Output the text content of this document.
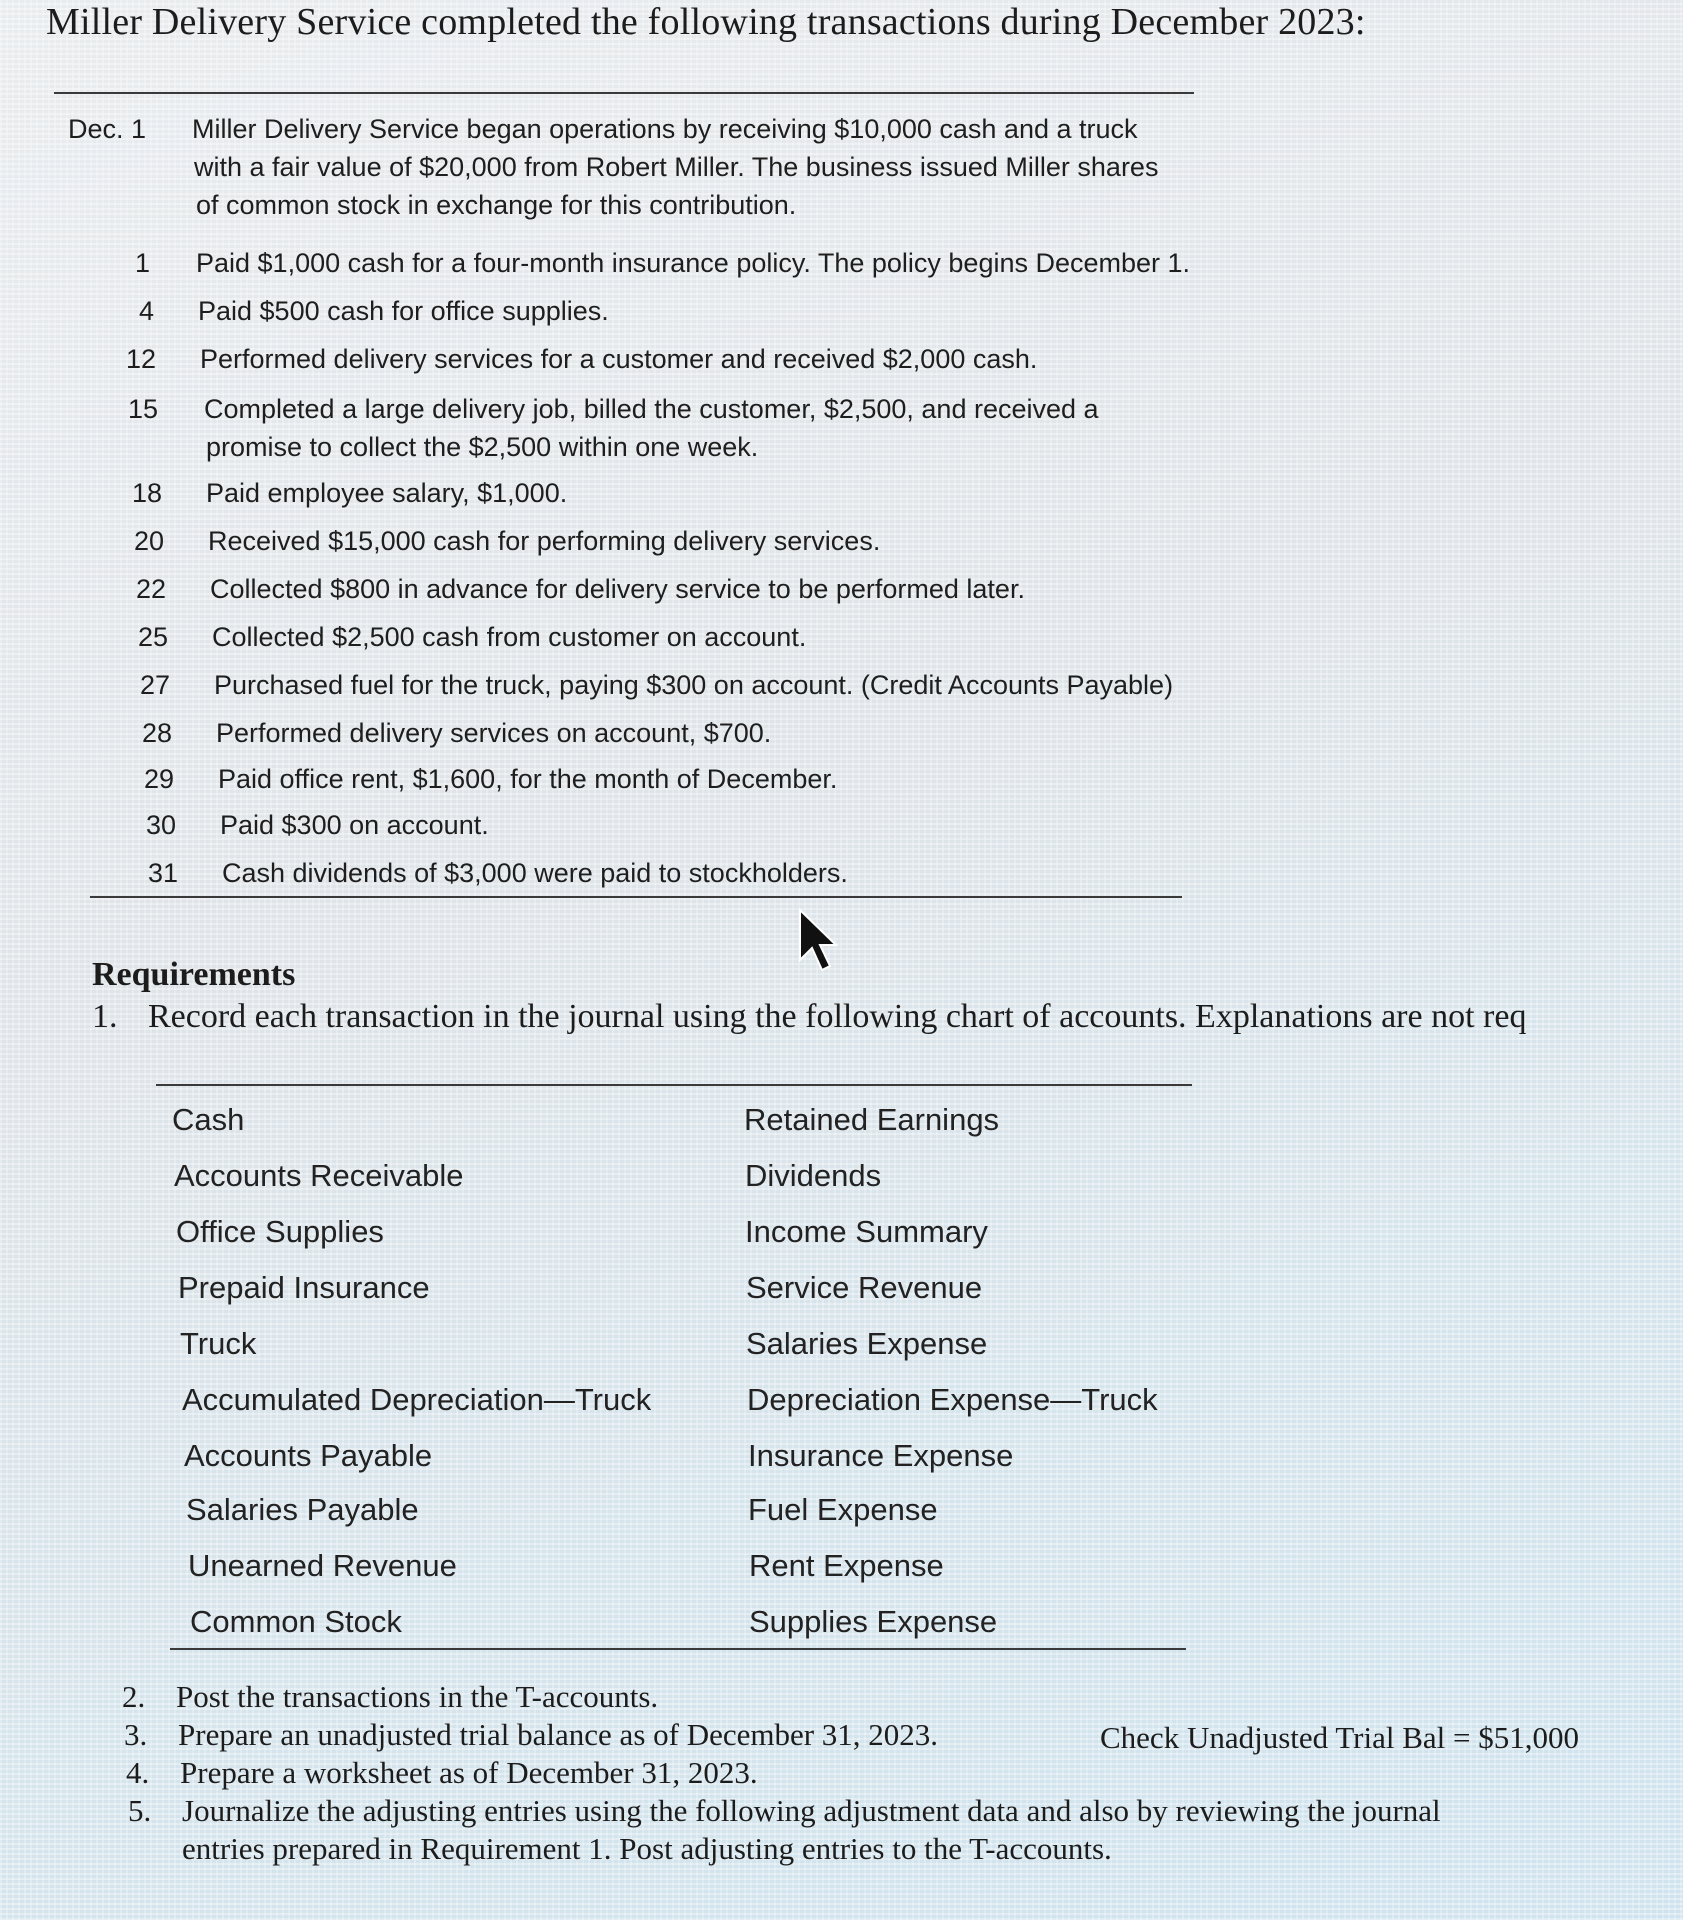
Miller Delivery Service completed the following transactions during December 2023:
Dec. 1 Miller Delivery Service began operations by receiving $10,000 cash and a truck
with a fair value of $20,000 from Robert Miller. The business issued Miller shares
of common stock in exchange for this contribution.
1 Paid $1,000 cash for a four-month insurance policy. The policy begins December 1.
4 Paid $500 cash for office supplies.
12 Performed delivery services for a customer and received $2,000 cash.
15 Completed a large delivery job, billed the customer, $2,500, and received a
promise to collect the $2,500 within one week.
18 Paid employee salary, $1,000.
20 Received $15,000 cash for performing delivery services.
22 Collected $800 in advance for delivery service to be performed later.
25 Collected $2,500 cash from customer on account.
27 Purchased fuel for the truck, paying $300 on account. (Credit Accounts Payable)
28 Performed delivery services on account, $700.
29 Paid office rent, $1,600, for the month of December.
30 Paid $300 on account.
31 Cash dividends of $3,000 were paid to stockholders.
Requirements
1. Record each transaction in the journal using the following chart of accounts. Explanations are not req
Cash
Accounts Receivable
Office Supplies
Prepaid Insurance
Truck
Accumulated Depreciation—Truck
Accounts Payable
Salaries Payable
Unearned Revenue
Common Stock
Retained Earnings
Dividends
Income Summary
Service Revenue
Salaries Expense
Depreciation Expense—Truck
Insurance Expense
Fuel Expense
Rent Expense
Supplies Expense
2. Post the transactions in the T-accounts.
3. Prepare an unadjusted trial balance as of December 31, 2023.
4. Prepare a worksheet as of December 31, 2023.
5. Journalize the adjusting entries using the following adjustment data and also by reviewing the journal
entries prepared in Requirement 1. Post adjusting entries to the T-accounts.
Check Unadjusted Trial Bal = $51,000
